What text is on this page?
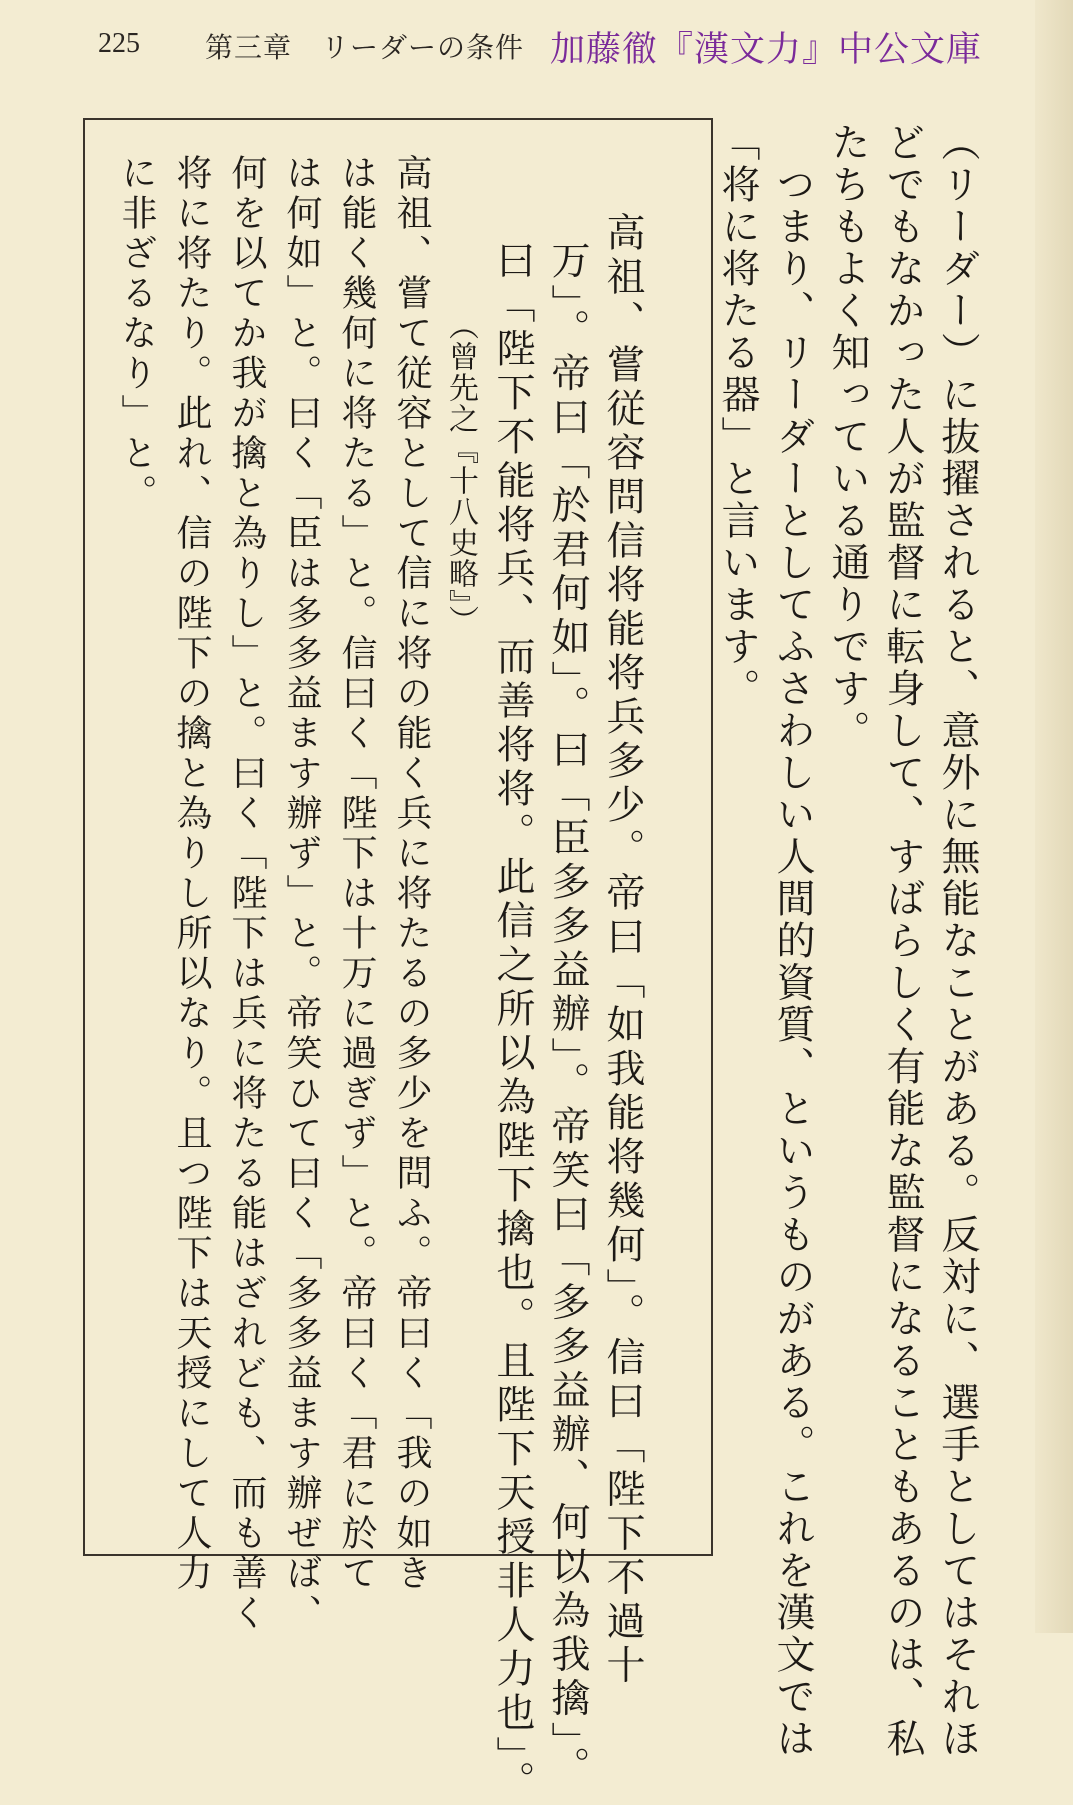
225 第三章　リーダーの条件 加藤徹『漢文力』中公文庫
（リーダー）に抜擢されると、意外に無能なことがある。反対に、選手としてはそれほ
どでもなかった人が監督に転身して、すばらしく有能な監督になることもあるのは、私
たちもよく知っている通りです。
　つまり、リーダーとしてふさわしい人間的資質、というものがある。これを漢文では
「将に将たる器」と言います。
高祖、嘗従容問信将能将兵多少。帝曰「如我能将幾何」。信曰「陛下不過十
万」。帝曰「於君何如」。曰「臣多多益辦」。帝笑曰「多多益辦、何以為我擒」。
曰「陛下不能将兵、而善将将。此信之所以為陛下擒也。且陛下天授非人力也」。
（曾先之『十八史略』）
高祖、嘗て従容として信に将の能く兵に将たるの多少を問ふ。帝曰く「我の如き
は能く幾何に将たる」と。信曰く「陛下は十万に過ぎず」と。帝曰く「君に於て
は何如」と。曰く「臣は多多益ます辦ず」と。帝笑ひて曰く「多多益ます辦ぜば、
何を以てか我が擒と為りし」と。曰く「陛下は兵に将たる能はざれども、而も善く
将に将たり。此れ、信の陛下の擒と為りし所以なり。且つ陛下は天授にして人力
に非ざるなり」と。
